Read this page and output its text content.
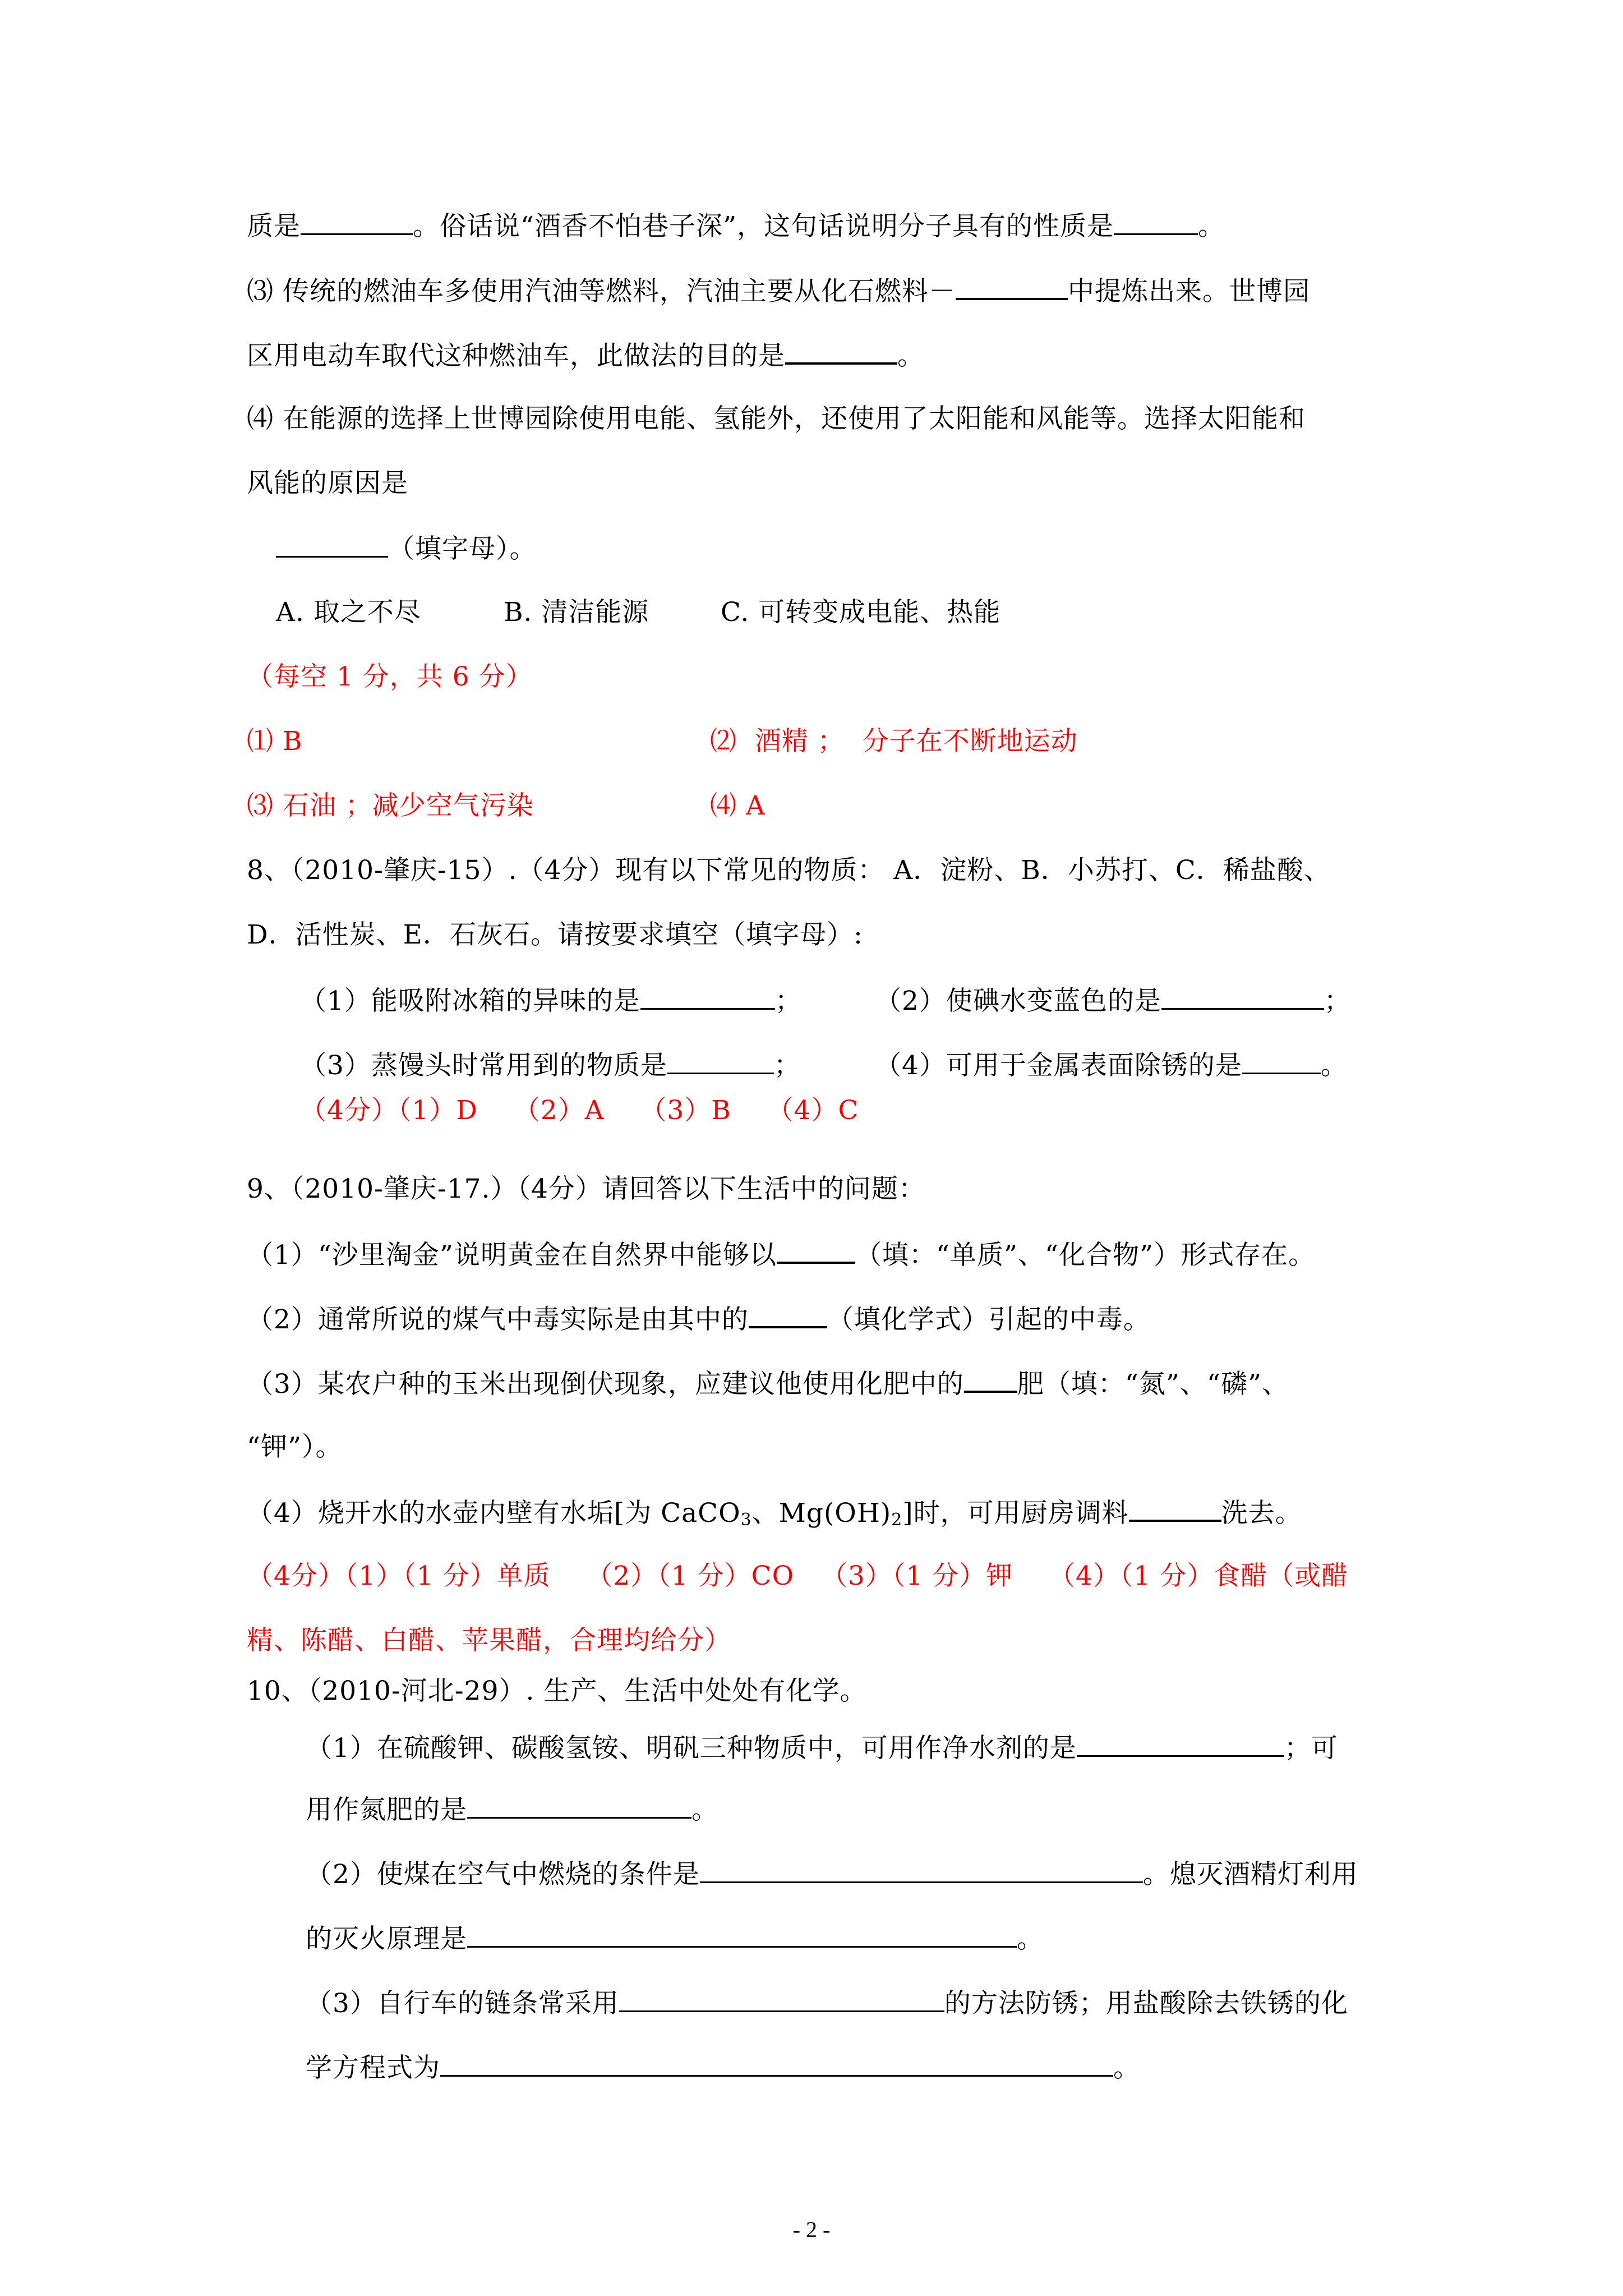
质是	。俗话说“酒香不怕巷子深”，这句话说明分子具有的性质是	。
⑶ 传统的燃油车多使用汽油等燃料，汽油主要从化石燃料－	中提炼出来。世博园
区用电动车取代这种燃油车，此做法的目的是	。
⑷ 在能源的选择上世博园除使用电能、氢能外，还使用了太阳能和风能等。选择太阳能和
风能的原因是
（填字母）。
A. 取之不尽	B. 清洁能源	C. 可转变成电能、热能
（每空 1 分，共 6 分）
⑴ B	⑵  酒精 ；  分子在不断地运动
⑶ 石油 ；减少空气污染	⑷ A
8、（2010-肇庆-15）.（4分）现有以下常见的物质： A．淀粉、B．小苏打、C．稀盐酸、
D．活性炭、E．石灰石。请按要求填空（填字母）:
（1）能吸附冰箱的异味的是	；	（2）使碘水变蓝色的是	；
（3）蒸馒头时常用到的物质是	；	（4）可用于金属表面除锈的是	。
（4分）（1）D    （2）A    （3）B    （4）C
9、（2010-肇庆-17.）（4分）请回答以下生活中的问题：
（1）“沙里淘金”说明黄金在自然界中能够以	（填：“单质”、“化合物”）形式存在。
（2）通常所说的煤气中毒实际是由其中的	（填化学式）引起的中毒。
（3）某农户种的玉米出现倒伏现象，应建议他使用化肥中的 肥（填：“氮”、“磷”、
“钾”）。
（4）烧开水的水壶内壁有水垢[为 CaCO$_3$、$Mg(OH)_2$]时，可用厨房调料	洗去。
（4分）（1）（1 分）单质    （2）（1 分）CO   （3）（1 分）钾    （4）（1 分）食醋（或醋
精、陈醋、白醋、苹果醋，合理均给分）
10、（2010-河北-29）. 生产、生活中处处有化学。
（1）在硫酸钾、碳酸氢铵、明矾三种物质中，可用作净水剂的是	；可
用作氮肥的是	。
（2）使煤在空气中燃烧的条件是	。熄灭酒精灯利用
的灭火原理是	。
（3）自行车的链条常采用	的方法防锈；用盐酸除去铁锈的化
学方程式为	。
- 2 -
